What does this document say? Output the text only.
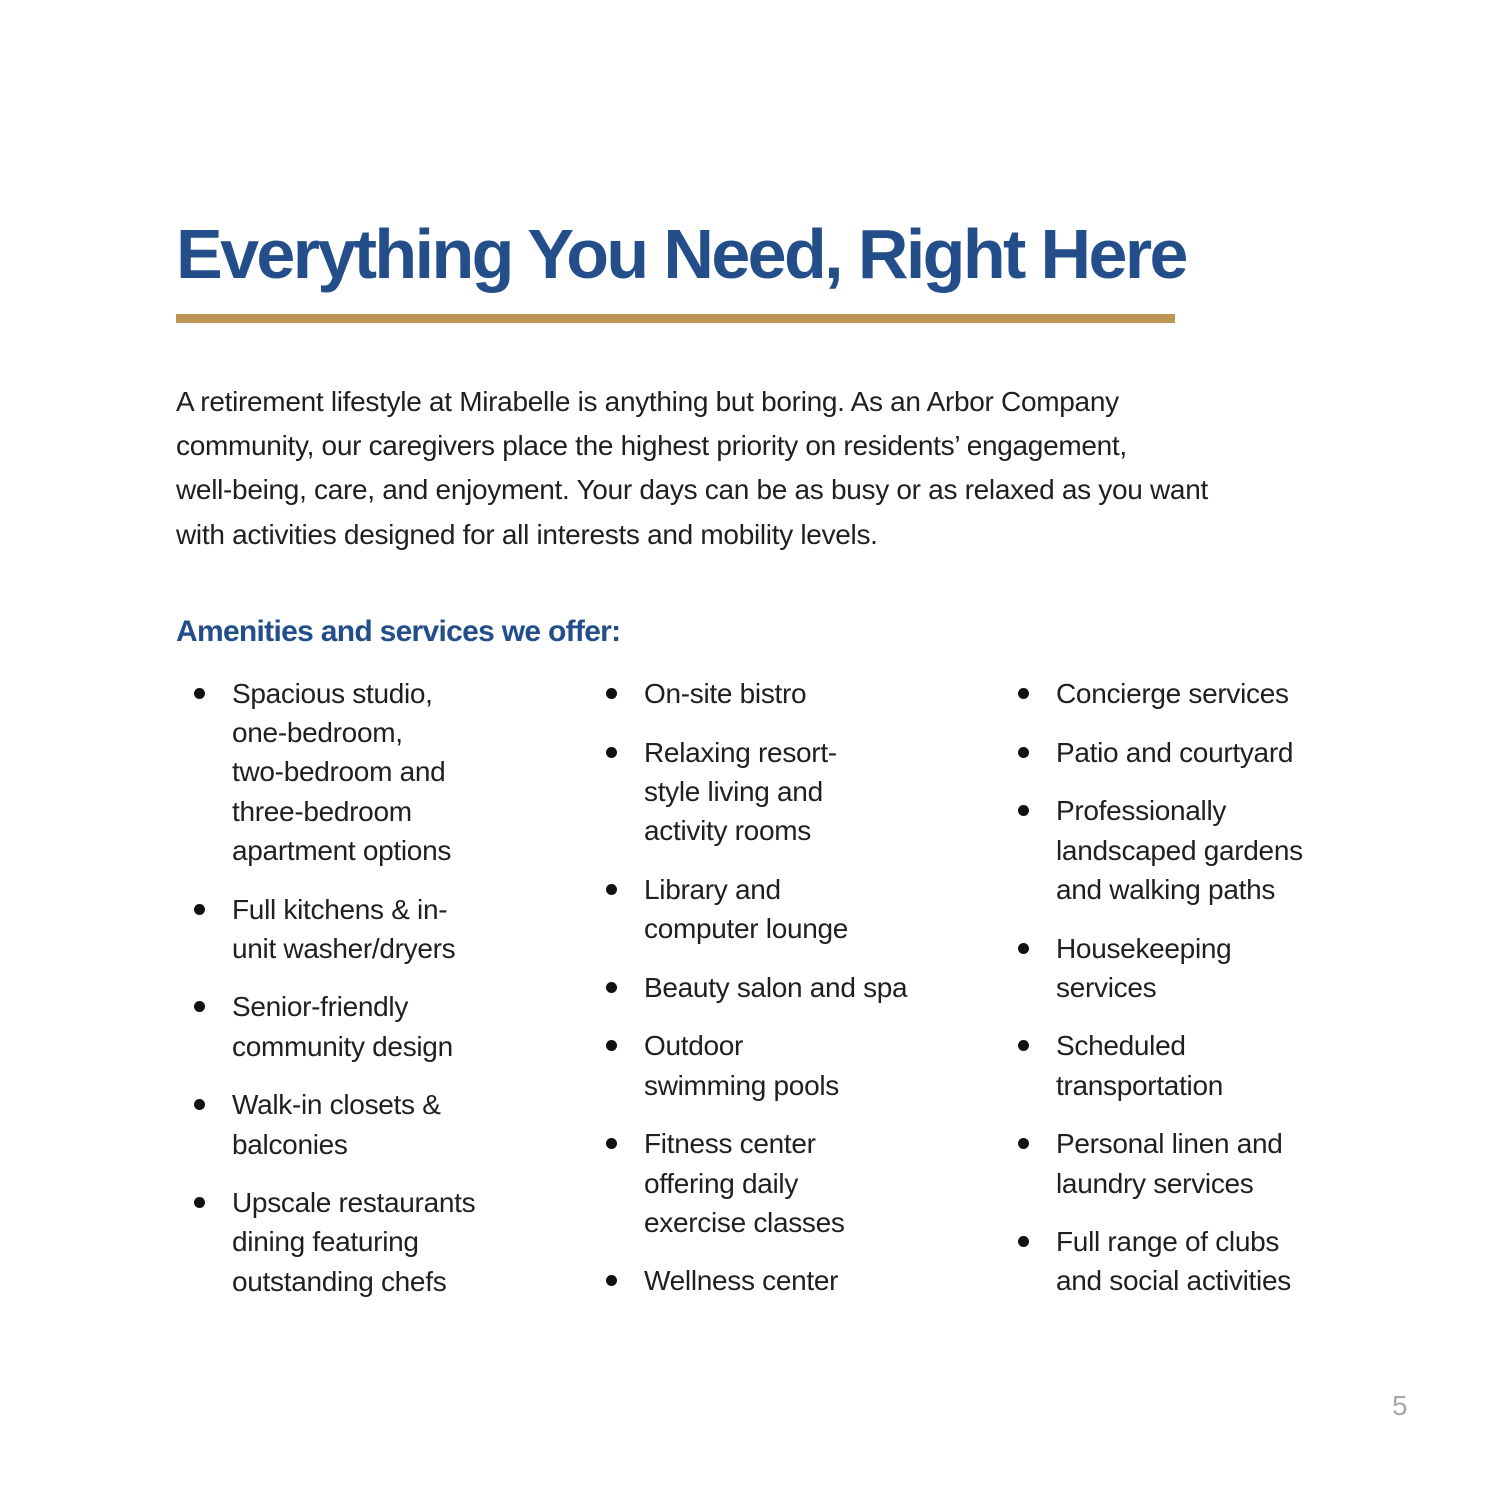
Everything You Need, Right Here

A retirement lifestyle at Mirabelle is anything but boring. As an Arbor Company
community, our caregivers place the highest priority on residents’ engagement,
well-being, care, and enjoyment. Your days can be as busy or as relaxed as you want
with activities designed for all interests and mobility levels.

Amenities and services we offer:
Spacious studio,
one-bedroom,
two-bedroom and
three-bedroom
apartment options
Full kitchens & in-
unit washer/dryers
Senior-friendly
community design
Walk-in closets &
balconies
Upscale restaurants
dining featuring
outstanding chefs
On-site bistro
Relaxing resort-
style living and
activity rooms
Library and
computer lounge
Beauty salon and spa
Outdoor
swimming pools
Fitness center
offering daily
exercise classes
Wellness center
Concierge services
Patio and courtyard
Professionally
landscaped gardens
and walking paths
Housekeeping
services
Scheduled
transportation
Personal linen and
laundry services
Full range of clubs
and social activities
5
